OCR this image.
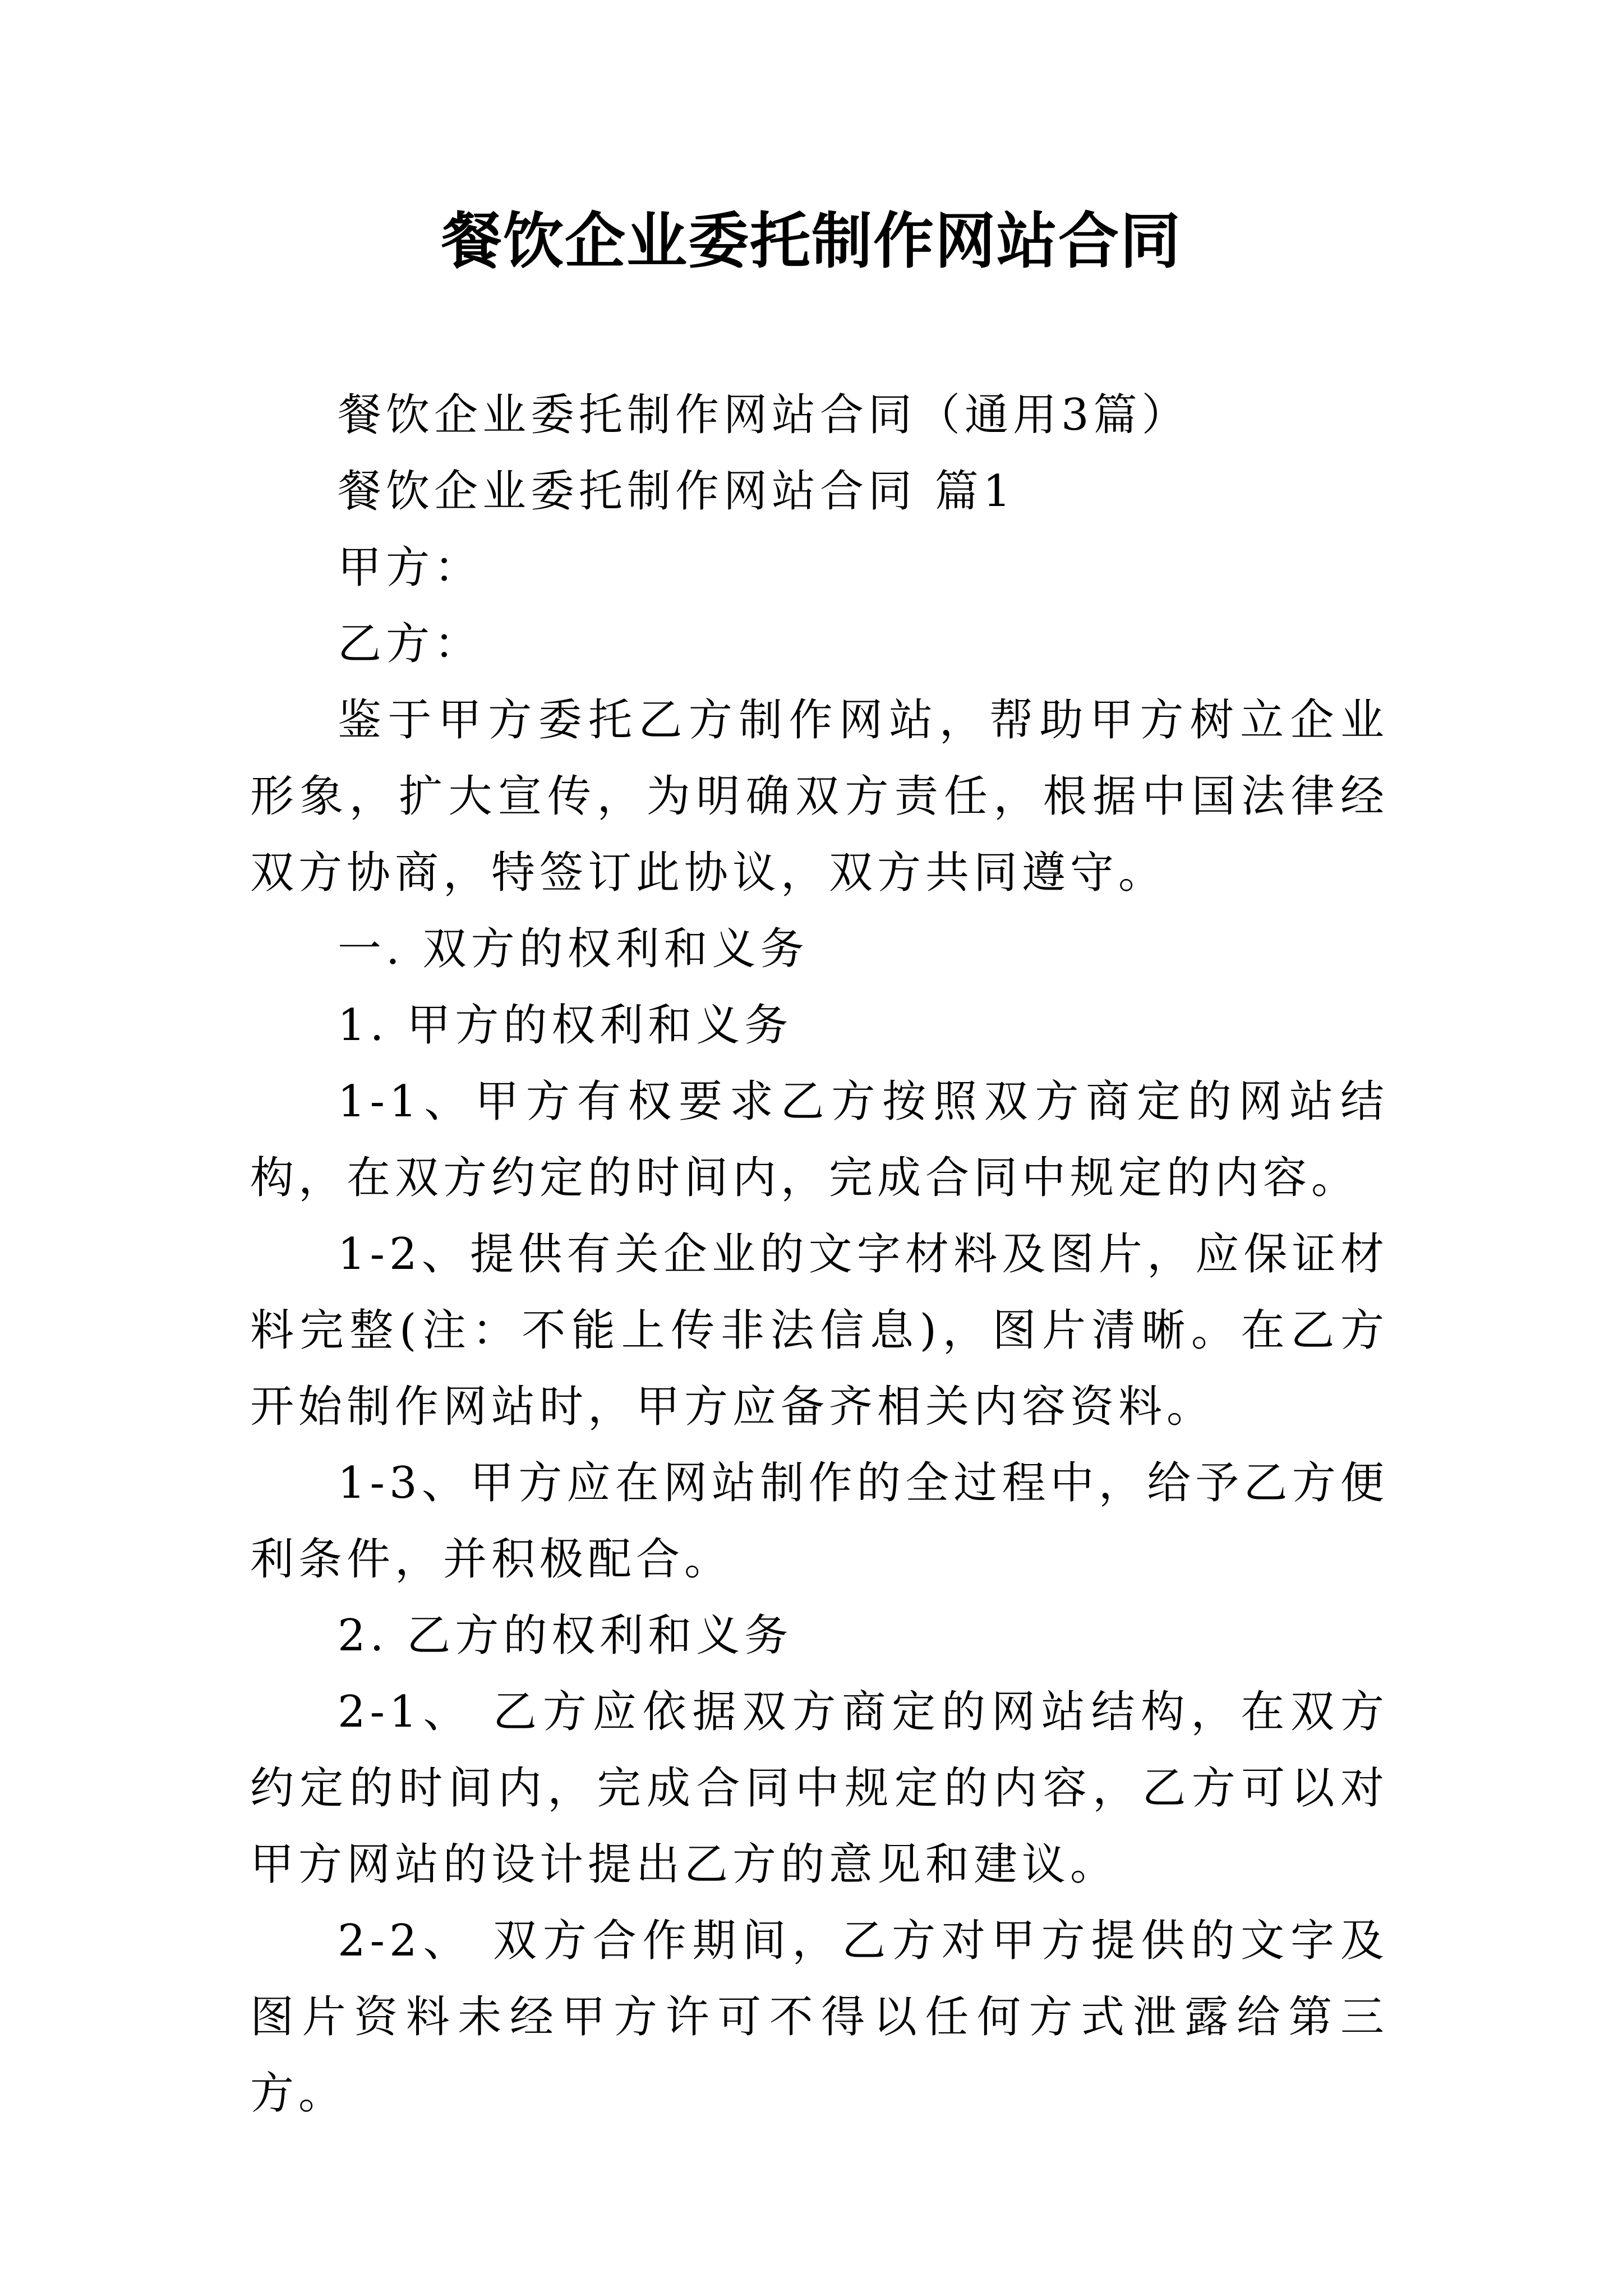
餐饮企业委托制作网站合同

餐饮企业委托制作网站合同（通用3篇）

餐饮企业委托制作网站合同 篇1

甲方：

乙方：

鉴于甲方委托乙方制作网站，帮助甲方树立企业形象，扩大宣传，为明确双方责任，根据中国法律经双方协商，特签订此协议，双方共同遵守。

一. 双方的权利和义务

1. 甲方的权利和义务

1-1、甲方有权要求乙方按照双方商定的网站结构，在双方约定的时间内，完成合同中规定的内容。

1-2、提供有关企业的文字材料及图片，应保证材料完整(注：不能上传非法信息)，图片清晰。在乙方开始制作网站时，甲方应备齐相关内容资料。

1-3、甲方应在网站制作的全过程中，给予乙方便利条件，并积极配合。

2. 乙方的权利和义务

2-1、 乙方应依据双方商定的网站结构，在双方约定的时间内，完成合同中规定的内容，乙方可以对甲方网站的设计提出乙方的意见和建议。

2-2、 双方合作期间，乙方对甲方提供的文字及图片资料未经甲方许可不得以任何方式泄露给第三方。
